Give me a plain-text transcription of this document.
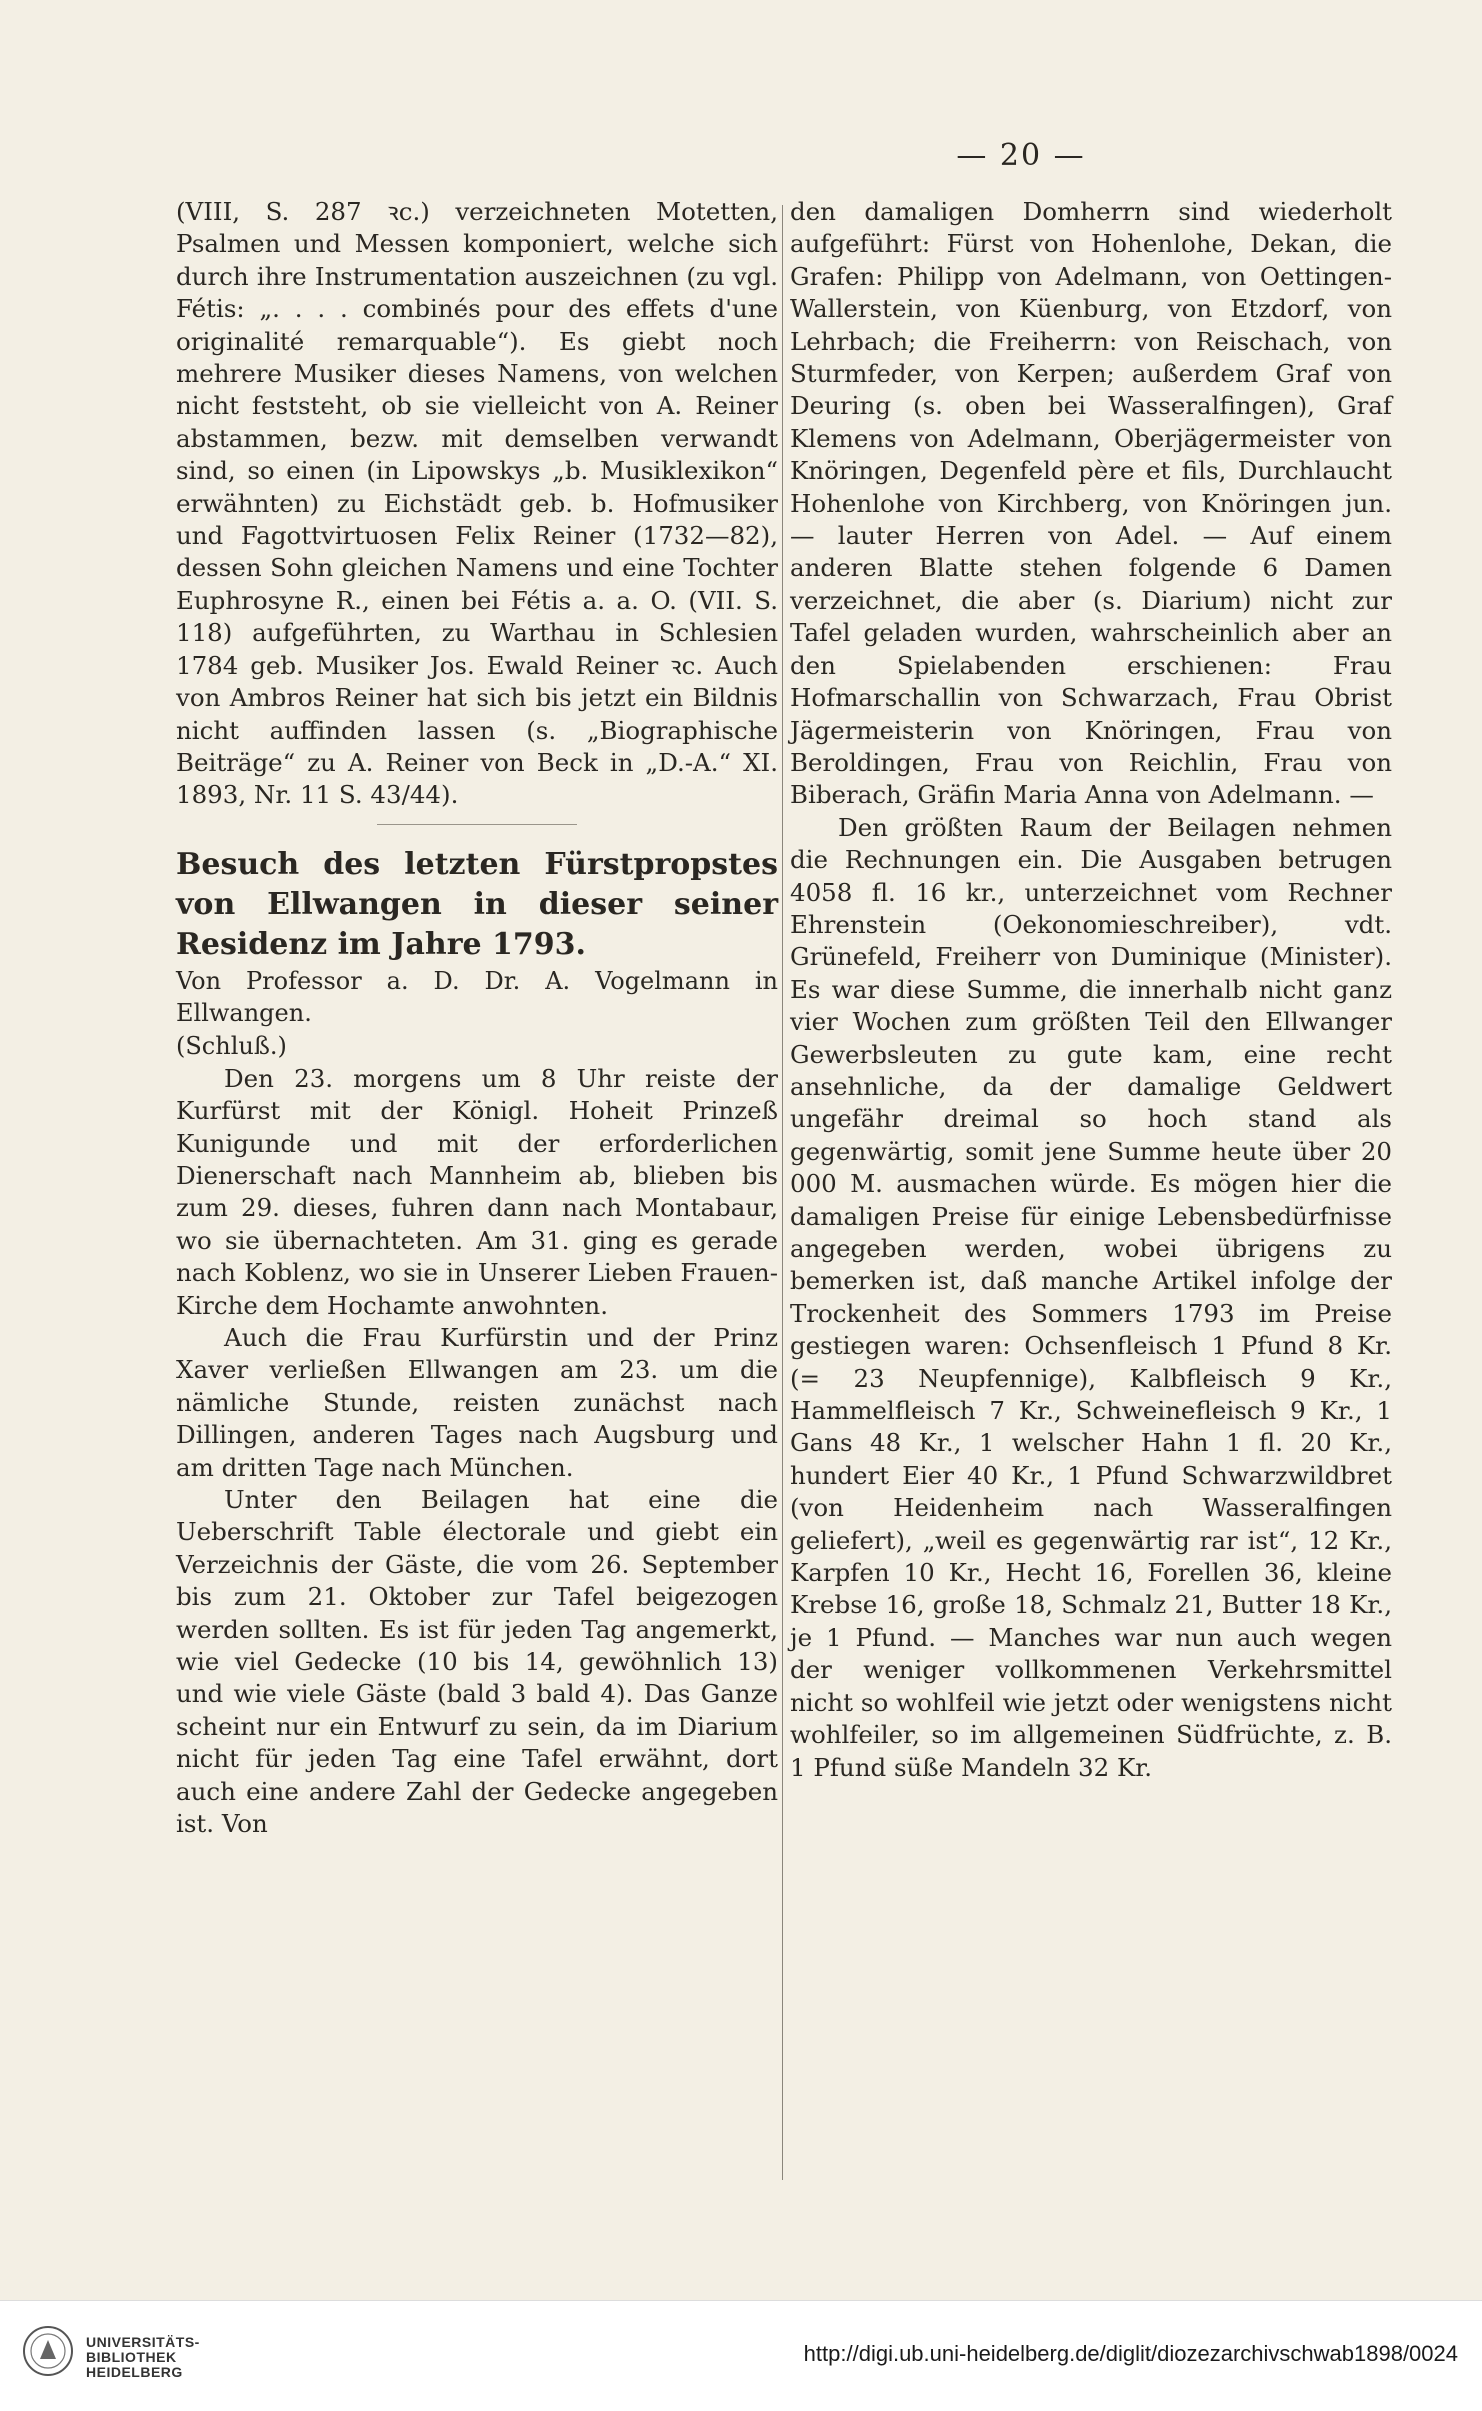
— 20 —

(VIII, S. 287 ꝛc.) verzeichneten Motetten, Psalmen und Messen komponiert, welche sich durch ihre Instrumentation auszeichnen (zu vgl. Fétis: „. . . . combinés pour des effets d'une originalité remarquable“). Es giebt noch mehrere Musiker dieses Namens, von welchen nicht feststeht, ob sie vielleicht von A. Reiner abstammen, bezw. mit demselben verwandt sind, so einen (in Lipowskys „b. Musiklexikon“ erwähnten) zu Eichstädt geb. b. Hofmusiker und Fagottvirtuosen Felix Reiner (1732—82), dessen Sohn gleichen Namens und eine Tochter Euphrosyne R., einen bei Fétis a. a. O. (VII. S. 118) aufgeführten, zu Warthau in Schlesien 1784 geb. Musiker Jos. Ewald Reiner ꝛc. Auch von Ambros Reiner hat sich bis jetzt ein Bildnis nicht auffinden lassen (s. „Biographische Beiträge“ zu A. Reiner von Beck in „D.-A.“ XI. 1893, Nr. 11 S. 43/44).

Besuch des letzten Fürstpropstes von Ellwangen in dieser seiner Residenz im Jahre 1793.

Von Professor a. D. Dr. A. Vogelmann in Ellwangen.

(Schluß.)

Den 23. morgens um 8 Uhr reiste der Kurfürst mit der Königl. Hoheit Prinzeß Kunigunde und mit der erforderlichen Dienerschaft nach Mannheim ab, blieben bis zum 29. dieses, fuhren dann nach Montabaur, wo sie übernachteten. Am 31. ging es gerade nach Koblenz, wo sie in Unserer Lieben Frauen-Kirche dem Hochamte anwohnten.

Auch die Frau Kurfürstin und der Prinz Xaver verließen Ellwangen am 23. um die nämliche Stunde, reisten zunächst nach Dillingen, anderen Tages nach Augsburg und am dritten Tage nach München.

Unter den Beilagen hat eine die Ueberschrift Table électorale und giebt ein Verzeichnis der Gäste, die vom 26. September bis zum 21. Oktober zur Tafel beigezogen werden sollten. Es ist für jeden Tag angemerkt, wie viel Gedecke (10 bis 14, gewöhnlich 13) und wie viele Gäste (bald 3 bald 4). Das Ganze scheint nur ein Entwurf zu sein, da im Diarium nicht für jeden Tag eine Tafel erwähnt, dort auch eine andere Zahl der Gedecke angegeben ist. Von

den damaligen Domherrn sind wiederholt aufgeführt: Fürst von Hohenlohe, Dekan, die Grafen: Philipp von Adelmann, von Oettingen-Wallerstein, von Küenburg, von Etzdorf, von Lehrbach; die Freiherrn: von Reischach, von Sturmfeder, von Kerpen; außerdem Graf von Deuring (s. oben bei Wasseralfingen), Graf Klemens von Adelmann, Oberjägermeister von Knöringen, Degenfeld père et fils, Durchlaucht Hohenlohe von Kirchberg, von Knöringen jun. — lauter Herren von Adel. — Auf einem anderen Blatte stehen folgende 6 Damen verzeichnet, die aber (s. Diarium) nicht zur Tafel geladen wurden, wahrscheinlich aber an den Spielabenden erschienen: Frau Hofmarschallin von Schwarzach, Frau Obrist Jägermeisterin von Knöringen, Frau von Beroldingen, Frau von Reichlin, Frau von Biberach, Gräfin Maria Anna von Adelmann. —

Den größten Raum der Beilagen nehmen die Rechnungen ein. Die Ausgaben betrugen 4058 fl. 16 kr., unterzeichnet vom Rechner Ehrenstein (Oekonomieschreiber), vdt. Grünefeld, Freiherr von Duminique (Minister). Es war diese Summe, die innerhalb nicht ganz vier Wochen zum größten Teil den Ellwanger Gewerbsleuten zu gute kam, eine recht ansehnliche, da der damalige Geldwert ungefähr dreimal so hoch stand als gegenwärtig, somit jene Summe heute über 20 000 M. ausmachen würde. Es mögen hier die damaligen Preise für einige Lebensbedürfnisse angegeben werden, wobei übrigens zu bemerken ist, daß manche Artikel infolge der Trockenheit des Sommers 1793 im Preise gestiegen waren: Ochsenfleisch 1 Pfund 8 Kr. (= 23 Neupfennige), Kalbfleisch 9 Kr., Hammelfleisch 7 Kr., Schweinefleisch 9 Kr., 1 Gans 48 Kr., 1 welscher Hahn 1 fl. 20 Kr., hundert Eier 40 Kr., 1 Pfund Schwarzwildbret (von Heidenheim nach Wasseralfingen geliefert), „weil es gegenwärtig rar ist“, 12 Kr., Karpfen 10 Kr., Hecht 16, Forellen 36, kleine Krebse 16, große 18, Schmalz 21, Butter 18 Kr., je 1 Pfund. — Manches war nun auch wegen der weniger vollkommenen Verkehrsmittel nicht so wohlfeil wie jetzt oder wenigstens nicht wohlfeiler, so im allgemeinen Südfrüchte, z. B. 1 Pfund süße Mandeln 32 Kr.

UNIVERSITÄTS-
BIBLIOTHEK
HEIDELBERG
http://digi.ub.uni-heidelberg.de/diglit/diozezarchivschwab1898/0024
